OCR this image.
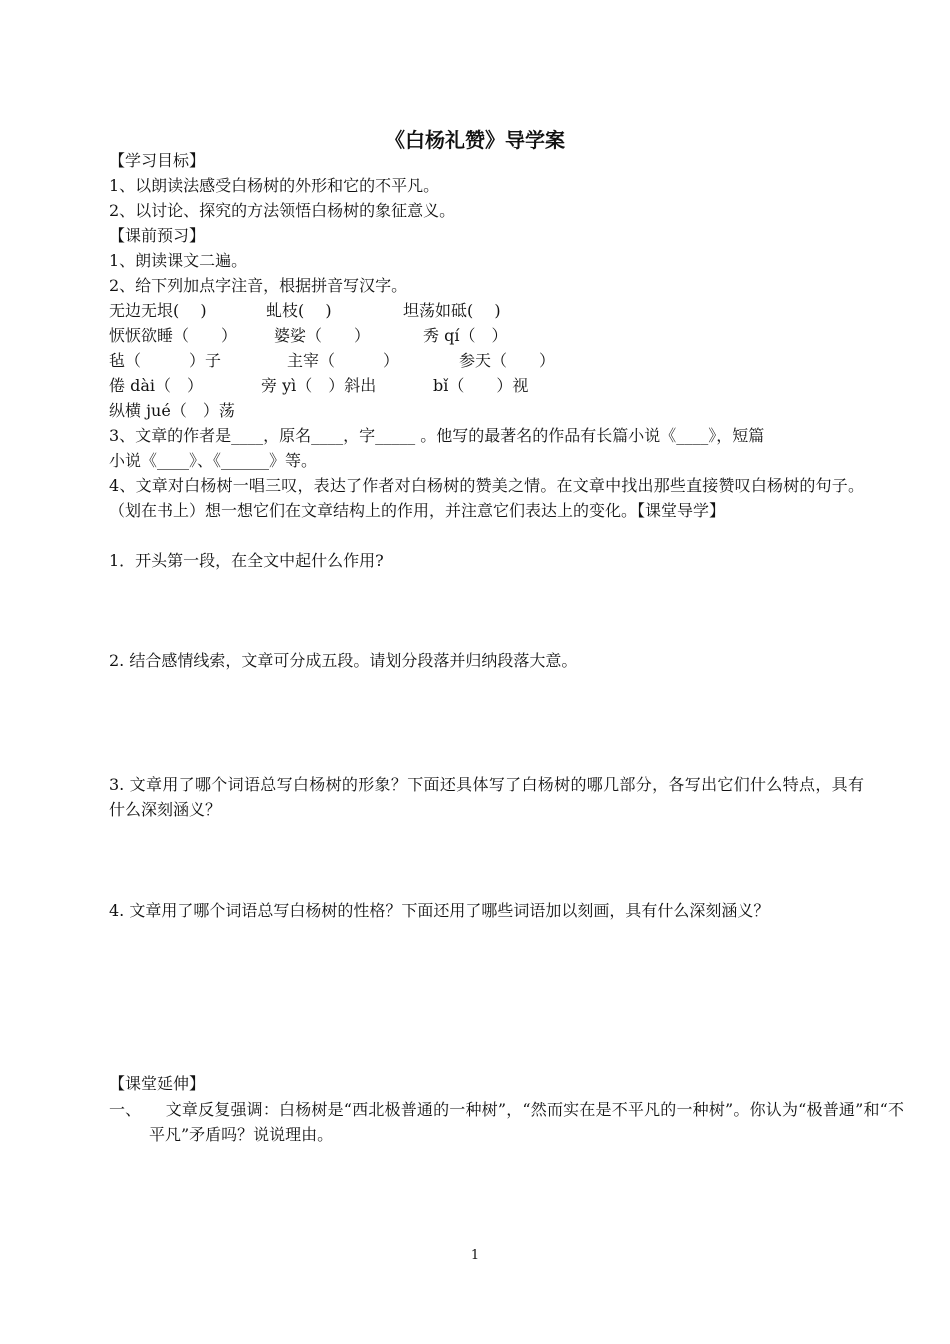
《白杨礼赞》导学案
【学习目标】
1、以朗读法感受白杨树的外形和它的不平凡。
2、以讨论、探究的方法领悟白杨树的象征意义。
【课前预习】
1、朗读课文二遍。
2、给下列加点字注音，根据拼音写汉字。
无边无垠(　 )	虬枝(　 )	坦荡如砥(　 )
恹恹欲睡（　　） 婆娑（　　）	秀 qí（　）
毡（　　　）子	主宰（　　　）	参天（　　）
倦 dài（　）	旁 yì（　）斜出	bǐ（　　）视
纵横 jué（　）荡
3、文章的作者是____，原名____，字_____ 。他写的最著名的作品有长篇小说《____》，短篇
小说《____》、《______》等。
4、文章对白杨树一唱三叹，表达了作者对白杨树的赞美之情。在文章中找出那些直接赞叹白杨树的句子。（划在书上）想一想它们在文章结构上的作用，并注意它们表达上的变化。【课堂导学】
1．开头第一段，在全文中起什么作用?
2. 结合感情线索，文章可分成五段。请划分段落并归纳段落大意。
3. 文章用了哪个词语总写白杨树的形象？下面还具体写了白杨树的哪几部分，各写出它们什么特点，具有什么深刻涵义？
4. 文章用了哪个词语总写白杨树的性格？下面还用了哪些词语加以刻画，具有什么深刻涵义？
【课堂延伸】
一、　　文章反复强调：白杨树是“西北极普通的一种树”，“然而实在是不平凡的一种树”。你认为“极普通”和“不平凡”矛盾吗？说说理由。
1
